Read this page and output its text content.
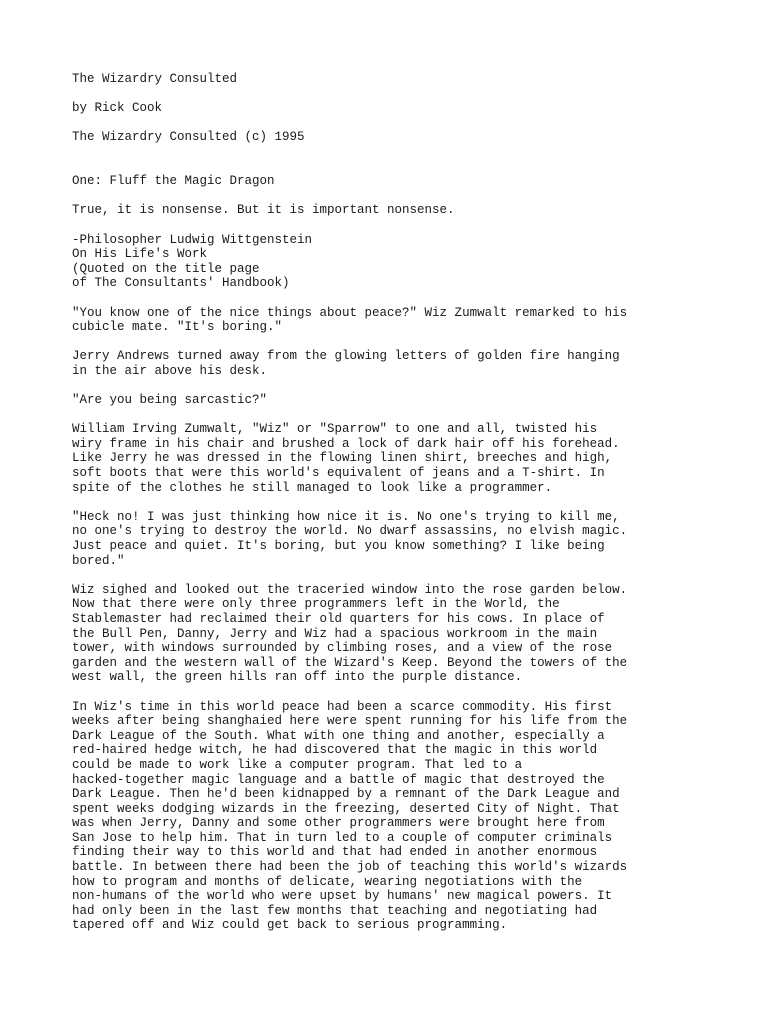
The Wizardry Consulted
by Rick Cook
The Wizardry Consulted (c) 1995
One: Fluff the Magic Dragon
True, it is nonsense. But it is important nonsense.
-Philosopher Ludwig Wittgenstein
On His Life's Work
(Quoted on the title page
of The Consultants' Handbook)
"You know one of the nice things about peace?" Wiz Zumwalt remarked to his
cubicle mate. "It's boring."
Jerry Andrews turned away from the glowing letters of golden fire hanging
in the air above his desk.
"Are you being sarcastic?"
William Irving Zumwalt, "Wiz" or "Sparrow" to one and all, twisted his
wiry frame in his chair and brushed a lock of dark hair off his forehead.
Like Jerry he was dressed in the flowing linen shirt, breeches and high,
soft boots that were this world's equivalent of jeans and a T-shirt. In
spite of the clothes he still managed to look like a programmer.
"Heck no! I was just thinking how nice it is. No one's trying to kill me,
no one's trying to destroy the world. No dwarf assassins, no elvish magic.
Just peace and quiet. It's boring, but you know something? I like being
bored."
Wiz sighed and looked out the traceried window into the rose garden below.
Now that there were only three programmers left in the World, the
Stablemaster had reclaimed their old quarters for his cows. In place of
the Bull Pen, Danny, Jerry and Wiz had a spacious workroom in the main
tower, with windows surrounded by climbing roses, and a view of the rose
garden and the western wall of the Wizard's Keep. Beyond the towers of the
west wall, the green hills ran off into the purple distance.
In Wiz's time in this world peace had been a scarce commodity. His first
weeks after being shanghaied here were spent running for his life from the
Dark League of the South. What with one thing and another, especially a
red-haired hedge witch, he had discovered that the magic in this world
could be made to work like a computer program. That led to a
hacked-together magic language and a battle of magic that destroyed the
Dark League. Then he'd been kidnapped by a remnant of the Dark League and
spent weeks dodging wizards in the freezing, deserted City of Night. That
was when Jerry, Danny and some other programmers were brought here from
San Jose to help him. That in turn led to a couple of computer criminals
finding their way to this world and that had ended in another enormous
battle. In between there had been the job of teaching this world's wizards
how to program and months of delicate, wearing negotiations with the
non-humans of the world who were upset by humans' new magical powers. It
had only been in the last few months that teaching and negotiating had
tapered off and Wiz could get back to serious programming.
